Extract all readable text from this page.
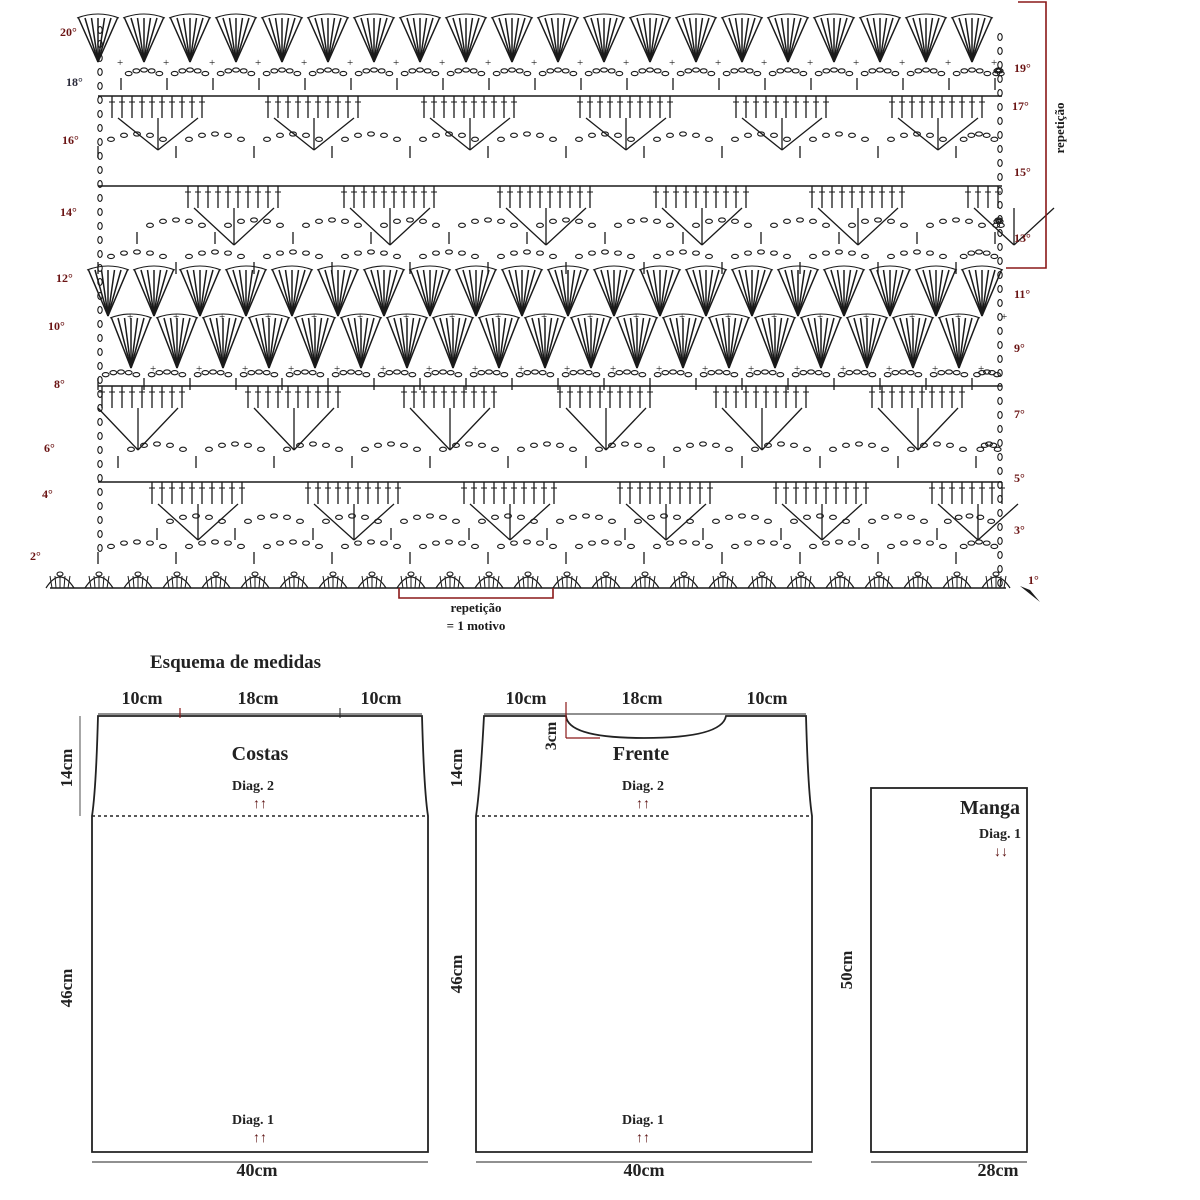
+	+	+	+	+	+	+	+	+	+	+	+	+	+	+	+	+	+	+	+
+	+	+	+	+	+	+	+	+	+	+	+	+	+	+	+	+	+	+	+
+	+	+	+	+	+	+	+	+	+	+	+	+	+	+	+	+	+	+
20°
18°
16°
14°
12°
10°
8°
6°
4°
2°
19°
17°
15°
13°
11°
9°
7°
5°
3°
1°
repetição
repetição
= 1 motivo
Esquema de medidas
10cm	18cm	10cm
Costas
Diag. 2
↑↑
14cm
46cm
Diag. 1
↑↑
40cm
10cm	18cm	10cm
3cm
Frente
Diag. 2
↑↑
14cm
46cm
Diag. 1
↑↑
40cm
Manga
Diag. 1
↓↓
50cm
28cm
